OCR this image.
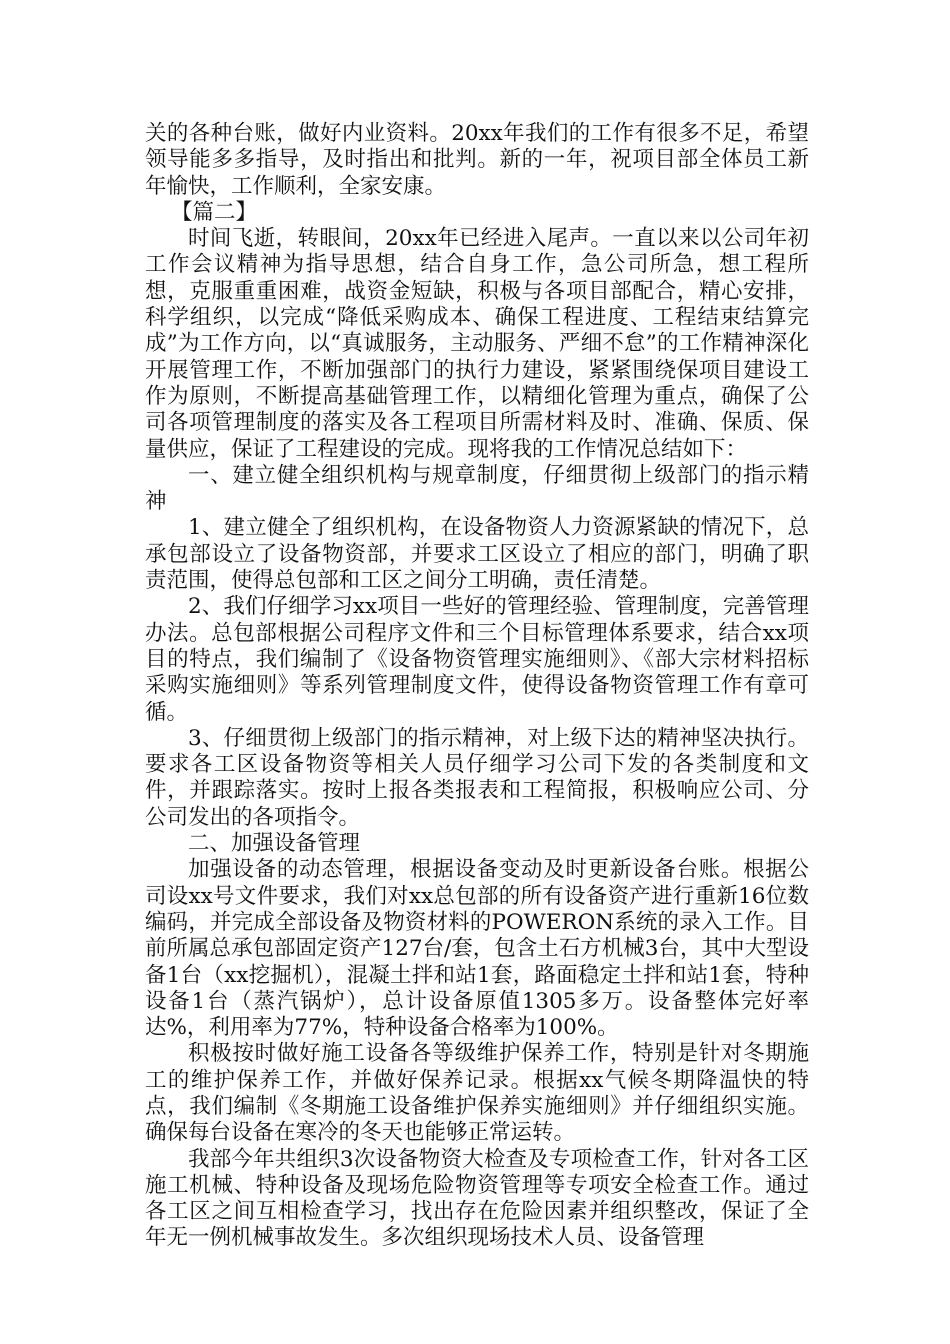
关的各种台账，做好内业资料。20xx年我们的工作有很多不足，希望领导能多多指导，及时指出和批判。新的一年，祝项目部全体员工新年愉快，工作顺利，全家安康。

【篇二】

时间飞逝，转眼间，20xx年已经进入尾声。一直以来以公司年初工作会议精神为指导思想，结合自身工作，急公司所急，想工程所想，克服重重困难，战资金短缺，积极与各项目部配合，精心安排，科学组织，以完成“降低采购成本、确保工程进度、工程结束结算完成”为工作方向，以“真诚服务，主动服务、严细不怠”的工作精神深化开展管理工作，不断加强部门的执行力建设，紧紧围绕保项目建设工作为原则，不断提高基础管理工作，以精细化管理为重点，确保了公司各项管理制度的落实及各工程项目所需材料及时、准确、保质、保量供应，保证了工程建设的完成。现将我的工作情况总结如下：

一、建立健全组织机构与规章制度，仔细贯彻上级部门的指示精神

1、建立健全了组织机构，在设备物资人力资源紧缺的情况下，总承包部设立了设备物资部，并要求工区设立了相应的部门，明确了职责范围，使得总包部和工区之间分工明确，责任清楚。

2、我们仔细学习xx项目一些好的管理经验、管理制度，完善管理办法。总包部根据公司程序文件和三个目标管理体系要求，结合xx项目的特点，我们编制了《设备物资管理实施细则》、《部大宗材料招标采购实施细则》等系列管理制度文件，使得设备物资管理工作有章可循。

3、仔细贯彻上级部门的指示精神，对上级下达的精神坚决执行。要求各工区设备物资等相关人员仔细学习公司下发的各类制度和文件，并跟踪落实。按时上报各类报表和工程简报，积极响应公司、分公司发出的各项指令。

二、加强设备管理

加强设备的动态管理，根据设备变动及时更新设备台账。根据公司设xx号文件要求，我们对xx总包部的所有设备资产进行重新16位数编码，并完成全部设备及物资材料的POWERON系统的录入工作。目前所属总承包部固定资产127台/套，包含土石方机械3台，其中大型设备1台（xx挖掘机），混凝土拌和站1套，路面稳定土拌和站1套，特种设备1台（蒸汽锅炉），总计设备原值1305多万。设备整体完好率达%，利用率为77%，特种设备合格率为100%。

积极按时做好施工设备各等级维护保养工作，特别是针对冬期施工的维护保养工作，并做好保养记录。根据xx气候冬期降温快的特点，我们编制《冬期施工设备维护保养实施细则》并仔细组织实施。确保每台设备在寒冷的冬天也能够正常运转。

我部今年共组织3次设备物资大检查及专项检查工作，针对各工区施工机械、特种设备及现场危险物资管理等专项安全检查工作。通过各工区之间互相检查学习，找出存在危险因素并组织整改，保证了全年无一例机械事故发生。多次组织现场技术人员、设备管理
